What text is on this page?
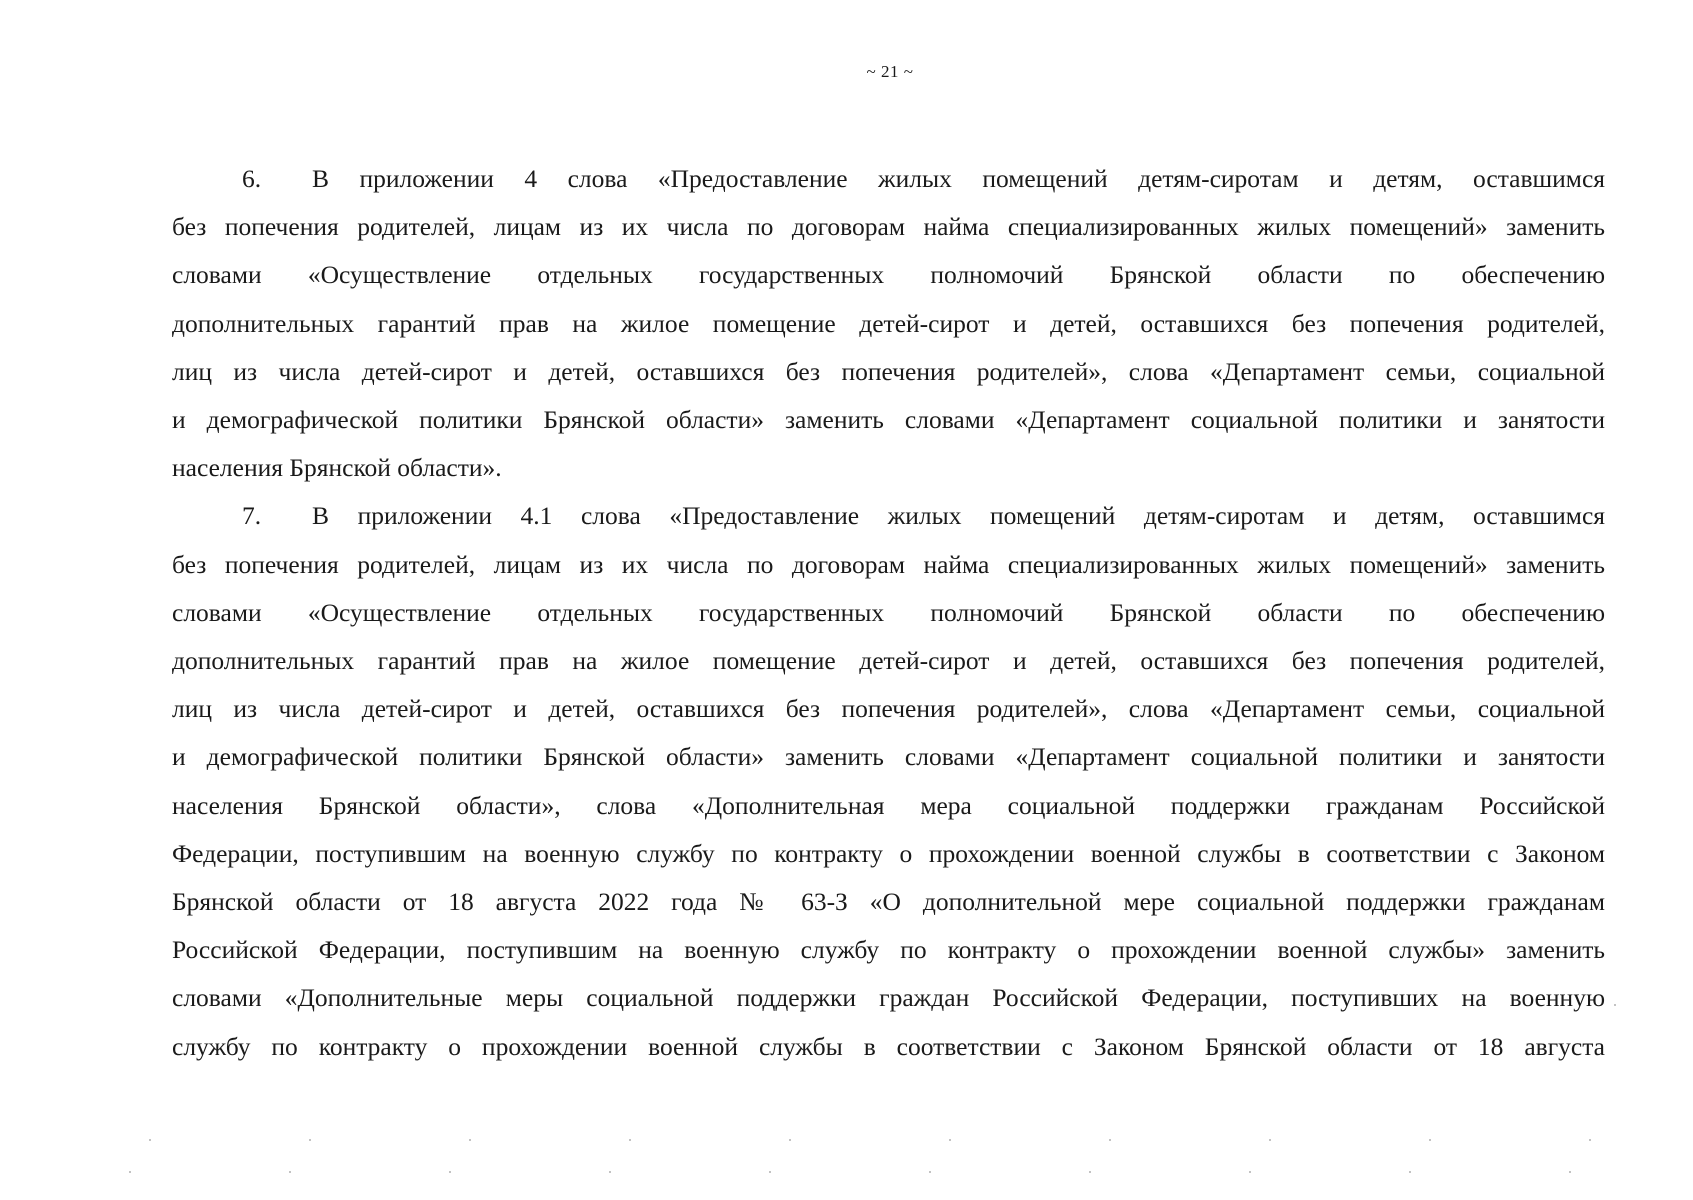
~ 21 ~
6. В приложении 4 слова «Предоставление жилых помещений детям-сиротам и детям, оставшимся
без попечения родителей, лицам из их числа по договорам найма специализированных жилых помещений» заменить
словами «Осуществление отдельных государственных полномочий Брянской области по обеспечению
дополнительных гарантий прав на жилое помещение детей-сирот и детей, оставшихся без попечения родителей,
лиц из числа детей-сирот и детей, оставшихся без попечения родителей», слова «Департамент семьи, социальной
и демографической политики Брянской области» заменить словами «Департамент социальной политики и занятости
населения Брянской области».
7. В приложении 4.1 слова «Предоставление жилых помещений детям-сиротам и детям, оставшимся
без попечения родителей, лицам из их числа по договорам найма специализированных жилых помещений» заменить
словами «Осуществление отдельных государственных полномочий Брянской области по обеспечению
дополнительных гарантий прав на жилое помещение детей-сирот и детей, оставшихся без попечения родителей,
лиц из числа детей-сирот и детей, оставшихся без попечения родителей», слова «Департамент семьи, социальной
и демографической политики Брянской области» заменить словами «Департамент социальной политики и занятости
населения Брянской области», слова «Дополнительная мера социальной поддержки гражданам Российской
Федерации, поступившим на военную службу по контракту о прохождении военной службы в соответствии с Законом
Брянской области от 18 августа 2022 года № 63-З «О дополнительной мере социальной поддержки гражданам
Российской Федерации, поступившим на военную службу по контракту о прохождении военной службы» заменить
словами «Дополнительные меры социальной поддержки граждан Российской Федерации, поступивших на военную
службу по контракту о прохождении военной службы в соответствии с Законом Брянской области от 18 августа
